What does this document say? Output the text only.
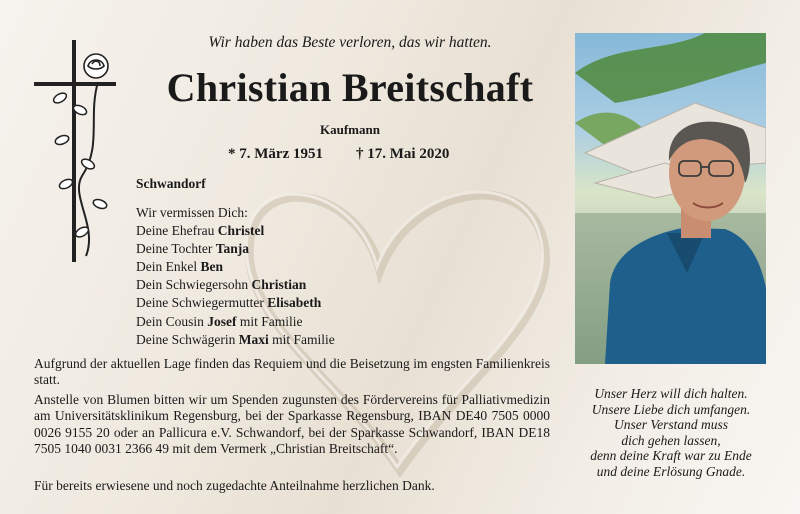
Wir haben das Beste verloren, das wir hatten.
Christian Breitschaft
Kaufmann
* 7. März 1951 † 17. Mai 2020
Schwandorf
Wir vermissen Dich:
Deine Ehefrau Christel
Deine Tochter Tanja
Dein Enkel Ben
Dein Schwiegersohn Christian
Deine Schwiegermutter Elisabeth
Dein Cousin Josef mit Familie
Deine Schwägerin Maxi mit Familie

Aufgrund der aktuellen Lage finden das Requiem und die Beisetzung im engsten Familienkreis statt.

Anstelle von Blumen bitten wir um Spenden zugunsten des Fördervereins für Palliativmedizin am Universitätsklinikum Regensburg, bei der Sparkasse Regensburg, IBAN DE40 7505 0000 0026 9155 20 oder an Pallicura e.V. Schwandorf, bei der Sparkasse Schwandorf, IBAN DE18 7505 1040 0031 2366 49 mit dem Vermerk „Christian Breitschaft“.

Für bereits erwiesene und noch zugedachte Anteilnahme herzlichen Dank.

Unser Herz will dich halten.
Unsere Liebe dich umfangen.
Unser Verstand muss
dich gehen lassen,
denn deine Kraft war zu Ende
und deine Erlösung Gnade.
